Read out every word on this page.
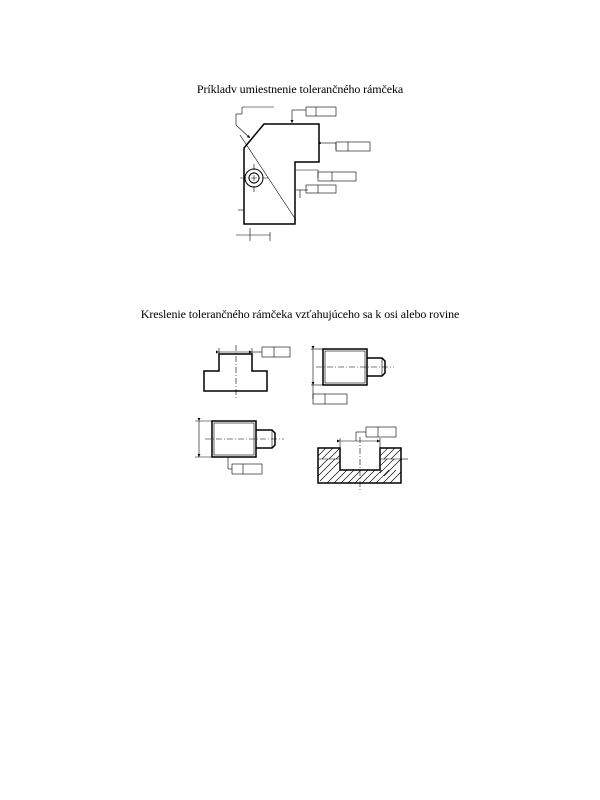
Príkladv umiestnenie tolerančného rámčeka
Kreslenie tolerančného rámčeka vzťahujúceho sa k osi alebo rovine
